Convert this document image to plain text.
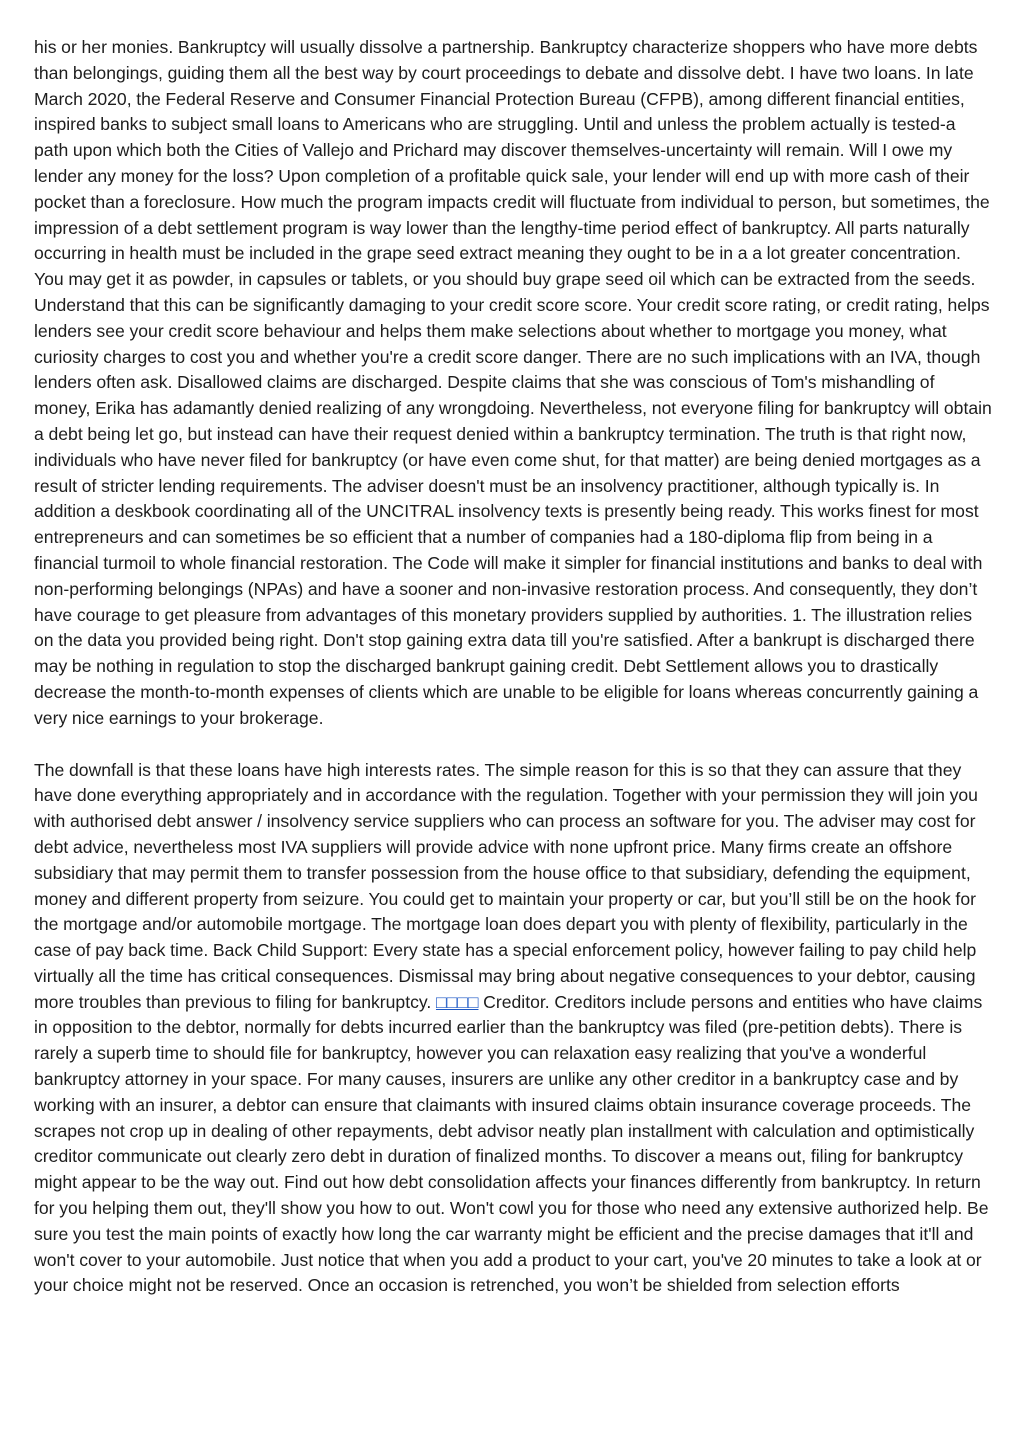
his or her monies. Bankruptcy will usually dissolve a partnership. Bankruptcy characterize shoppers who have more debts than belongings, guiding them all the best way by court proceedings to debate and dissolve debt. I have two loans. In late March 2020, the Federal Reserve and Consumer Financial Protection Bureau (CFPB), among different financial entities, inspired banks to subject small loans to Americans who are struggling. Until and unless the problem actually is tested-a path upon which both the Cities of Vallejo and Prichard may discover themselves-uncertainty will remain. Will I owe my lender any money for the loss? Upon completion of a profitable quick sale, your lender will end up with more cash of their pocket than a foreclosure. How much the program impacts credit will fluctuate from individual to person, but sometimes, the impression of a debt settlement program is way lower than the lengthy-time period effect of bankruptcy. All parts naturally occurring in health must be included in the grape seed extract meaning they ought to be in a a lot greater concentration. You may get it as powder, in capsules or tablets, or you should buy grape seed oil which can be extracted from the seeds. Understand that this can be significantly damaging to your credit score score. Your credit score rating, or credit rating, helps lenders see your credit score behaviour and helps them make selections about whether to mortgage you money, what curiosity charges to cost you and whether you're a credit score danger. There are no such implications with an IVA, though lenders often ask. Disallowed claims are discharged. Despite claims that she was conscious of Tom's mishandling of money, Erika has adamantly denied realizing of any wrongdoing. Nevertheless, not everyone filing for bankruptcy will obtain a debt being let go, but instead can have their request denied within a bankruptcy termination. The truth is that right now, individuals who have never filed for bankruptcy (or have even come shut, for that matter) are being denied mortgages as a result of stricter lending requirements. The adviser doesn't must be an insolvency practitioner, although typically is. In addition a deskbook coordinating all of the UNCITRAL insolvency texts is presently being ready. This works finest for most entrepreneurs and can sometimes be so efficient that a number of companies had a 180-diploma flip from being in a financial turmoil to whole financial restoration. The Code will make it simpler for financial institutions and banks to deal with non-performing belongings (NPAs) and have a sooner and non-invasive restoration process. And consequently, they don’t have courage to get pleasure from advantages of this monetary providers supplied by authorities. 1. The illustration relies on the data you provided being right. Don't stop gaining extra data till you're satisfied. After a bankrupt is discharged there may be nothing in regulation to stop the discharged bankrupt gaining credit. Debt Settlement allows you to drastically decrease the month-to-month expenses of clients which are unable to be eligible for loans whereas concurrently gaining a very nice earnings to your brokerage.

The downfall is that these loans have high interests rates. The simple reason for this is so that they can assure that they have done everything appropriately and in accordance with the regulation. Together with your permission they will join you with authorised debt answer / insolvency service suppliers who can process an software for you. The adviser may cost for debt advice, nevertheless most IVA suppliers will provide advice with none upfront price. Many firms create an offshore subsidiary that may permit them to transfer possession from the house office to that subsidiary, defending the equipment, money and different property from seizure. You could get to maintain your property or car, but you’ll still be on the hook for the mortgage and/or automobile mortgage. The mortgage loan does depart you with plenty of flexibility, particularly in the case of pay back time. Back Child Support: Every state has a special enforcement policy, however failing to pay child help virtually all the time has critical consequences. Dismissal may bring about negative consequences to your debtor, causing more troubles than previous to filing for bankruptcy. □□□□ Creditor. Creditors include persons and entities who have claims in opposition to the debtor, normally for debts incurred earlier than the bankruptcy was filed (pre-petition debts). There is rarely a superb time to should file for bankruptcy, however you can relaxation easy realizing that you've a wonderful bankruptcy attorney in your space. For many causes, insurers are unlike any other creditor in a bankruptcy case and by working with an insurer, a debtor can ensure that claimants with insured claims obtain insurance coverage proceeds. The scrapes not crop up in dealing of other repayments, debt advisor neatly plan installment with calculation and optimistically creditor communicate out clearly zero debt in duration of finalized months. To discover a means out, filing for bankruptcy might appear to be the way out. Find out how debt consolidation affects your finances differently from bankruptcy. In return for you helping them out, they'll show you how to out. Won't cowl you for those who need any extensive authorized help. Be sure you test the main points of exactly how long the car warranty might be efficient and the precise damages that it'll and won't cover to your automobile. Just notice that when you add a product to your cart, you've 20 minutes to take a look at or your choice might not be reserved. Once an occasion is retrenched, you won’t be shielded from selection efforts
